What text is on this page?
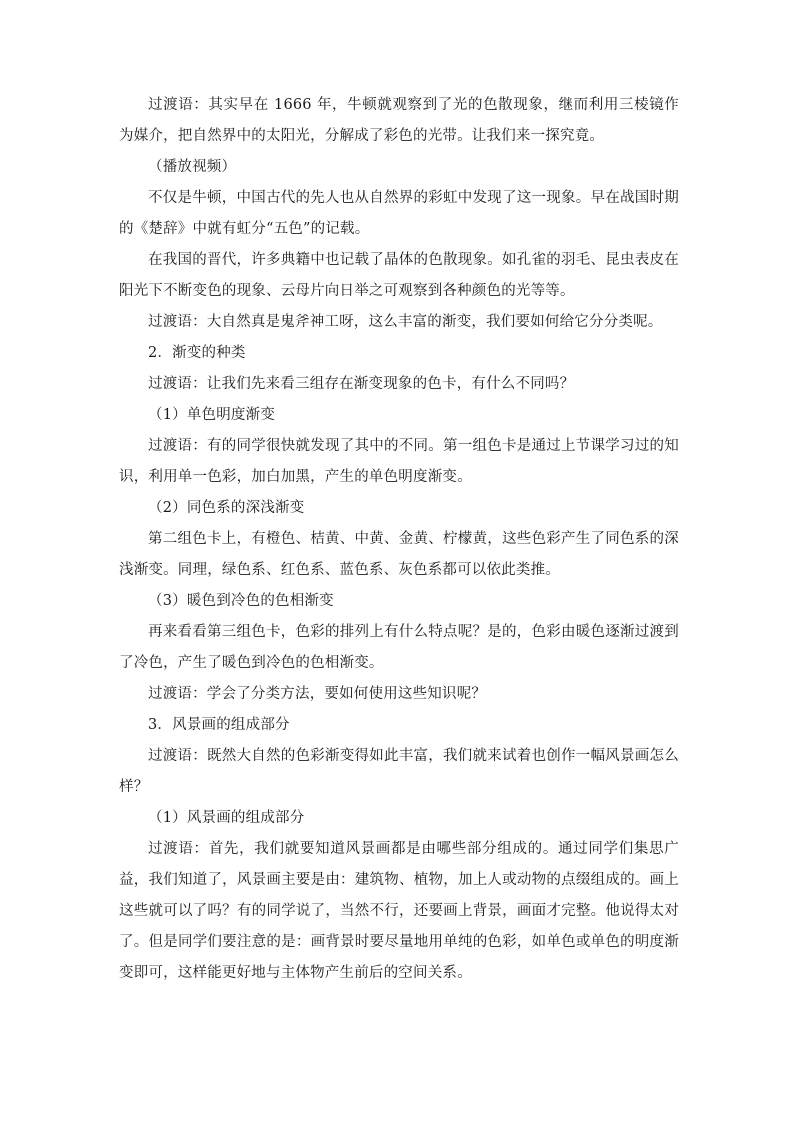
过渡语：其实早在 1666 年，牛顿就观察到了光的色散现象，继而利用三棱镜作为媒介，把自然界中的太阳光，分解成了彩色的光带。让我们来一探究竟。

（播放视频）

不仅是牛顿，中国古代的先人也从自然界的彩虹中发现了这一现象。早在战国时期的《楚辞》中就有虹分“五色”的记载。

在我国的晋代，许多典籍中也记载了晶体的色散现象。如孔雀的羽毛、昆虫表皮在阳光下不断变色的现象、云母片向日举之可观察到各种颜色的光等等。

过渡语：大自然真是鬼斧神工呀，这么丰富的渐变，我们要如何给它分分类呢。

2．渐变的种类

过渡语：让我们先来看三组存在渐变现象的色卡，有什么不同吗？

（1）单色明度渐变

过渡语：有的同学很快就发现了其中的不同。第一组色卡是通过上节课学习过的知识，利用单一色彩，加白加黑，产生的单色明度渐变。

（2）同色系的深浅渐变

第二组色卡上，有橙色、桔黄、中黄、金黄、柠檬黄，这些色彩产生了同色系的深浅渐变。同理，绿色系、红色系、蓝色系、灰色系都可以依此类推。

（3）暖色到冷色的色相渐变

再来看看第三组色卡，色彩的排列上有什么特点呢？是的，色彩由暖色逐渐过渡到了冷色，产生了暖色到冷色的色相渐变。

过渡语：学会了分类方法，要如何使用这些知识呢？

3．风景画的组成部分

过渡语：既然大自然的色彩渐变得如此丰富，我们就来试着也创作一幅风景画怎么样？

（1）风景画的组成部分

过渡语：首先，我们就要知道风景画都是由哪些部分组成的。通过同学们集思广益，我们知道了，风景画主要是由：建筑物、植物，加上人或动物的点缀组成的。画上这些就可以了吗？有的同学说了，当然不行，还要画上背景，画面才完整。他说得太对了。但是同学们要注意的是：画背景时要尽量地用单纯的色彩，如单色或单色的明度渐变即可，这样能更好地与主体物产生前后的空间关系。
